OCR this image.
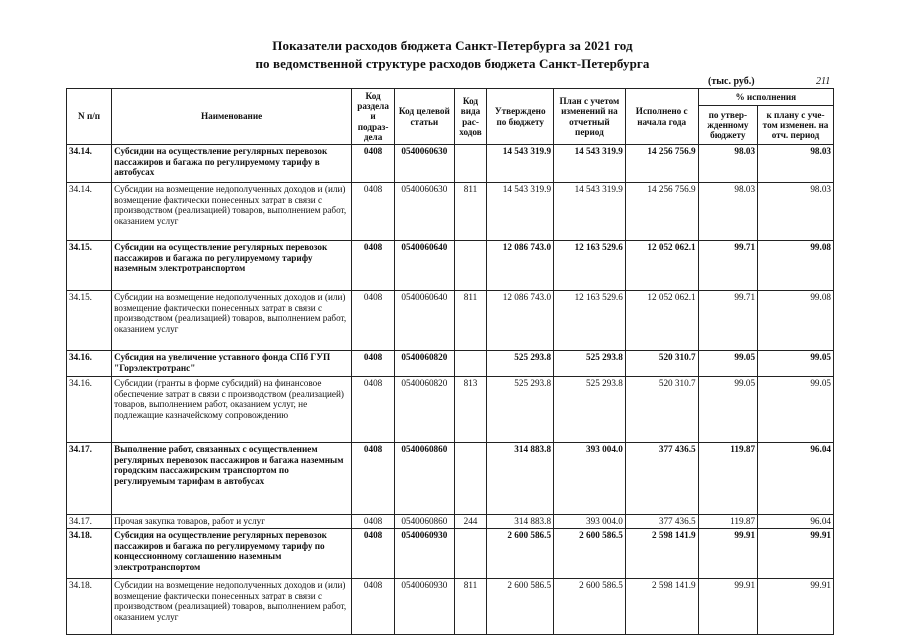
Показатели расходов бюджета Санкт-Петербурга за 2021 год
по ведомственной структуре расходов бюджета Санкт-Петербурга
(тыс. руб.)	211
N п/п	Наименование	Код раздела и подраз-дела	Код целевой статьи	Код вида рас-ходов	Утверждено по бюджету	План с учетом изменений на отчетный период	Исполнено с начала года	% исполнения	
								по утвер-жденному бюджету	к плану с уче-том изменен. на отч. период
34.14.	Субсидии на осуществление регулярных перевозок пассажиров и багажа по регулируемому тарифу в автобусах	0408	0540060630		14 543 319.9	14 543 319.9	14 256 756.9	98.03	98.03
34.14.	Субсидии на возмещение недополученных доходов и (или) возмещение фактически понесенных затрат в связи с производством (реализацией) товаров, выполнением работ, оказанием услуг	0408	0540060630	811	14 543 319.9	14 543 319.9	14 256 756.9	98.03	98.03
34.15.	Субсидии на осуществление регулярных перевозок пассажиров и багажа по регулируемому тарифу наземным электротранспортом	0408	0540060640		12 086 743.0	12 163 529.6	12 052 062.1	99.71	99.08
34.15.	Субсидии на возмещение недополученных доходов и (или) возмещение фактически понесенных затрат в связи с производством (реализацией) товаров, выполнением работ, оказанием услуг	0408	0540060640	811	12 086 743.0	12 163 529.6	12 052 062.1	99.71	99.08
34.16.	Субсидия на увеличение уставного фонда СПб ГУП "Горэлектротранс"	0408	0540060820		525 293.8	525 293.8	520 310.7	99.05	99.05
34.16.	Субсидии (гранты в форме субсидий) на финансовое обеспечение затрат в связи с производством (реализацией) товаров, выполнением работ, оказанием услуг, не подлежащие казначейскому сопровождению	0408	0540060820	813	525 293.8	525 293.8	520 310.7	99.05	99.05
34.17.	Выполнение работ, связанных с осуществлением регулярных перевозок пассажиров и багажа наземным городским пассажирским транспортом по регулируемым тарифам в автобусах	0408	0540060860		314 883.8	393 004.0	377 436.5	119.87	96.04
34.17.	Прочая закупка товаров, работ и услуг	0408	0540060860	244	314 883.8	393 004.0	377 436.5	119.87	96.04
34.18.	Субсидия на осуществление регулярных перевозок пассажиров и багажа по регулируемому тарифу по концессионному соглашению наземным электротранспортом	0408	0540060930		2 600 586.5	2 600 586.5	2 598 141.9	99.91	99.91
34.18.	Субсидии на возмещение недополученных доходов и (или) возмещение фактически понесенных затрат в связи с производством (реализацией) товаров, выполнением работ, оказанием услуг	0408	0540060930	811	2 600 586.5	2 600 586.5	2 598 141.9	99.91	99.91
